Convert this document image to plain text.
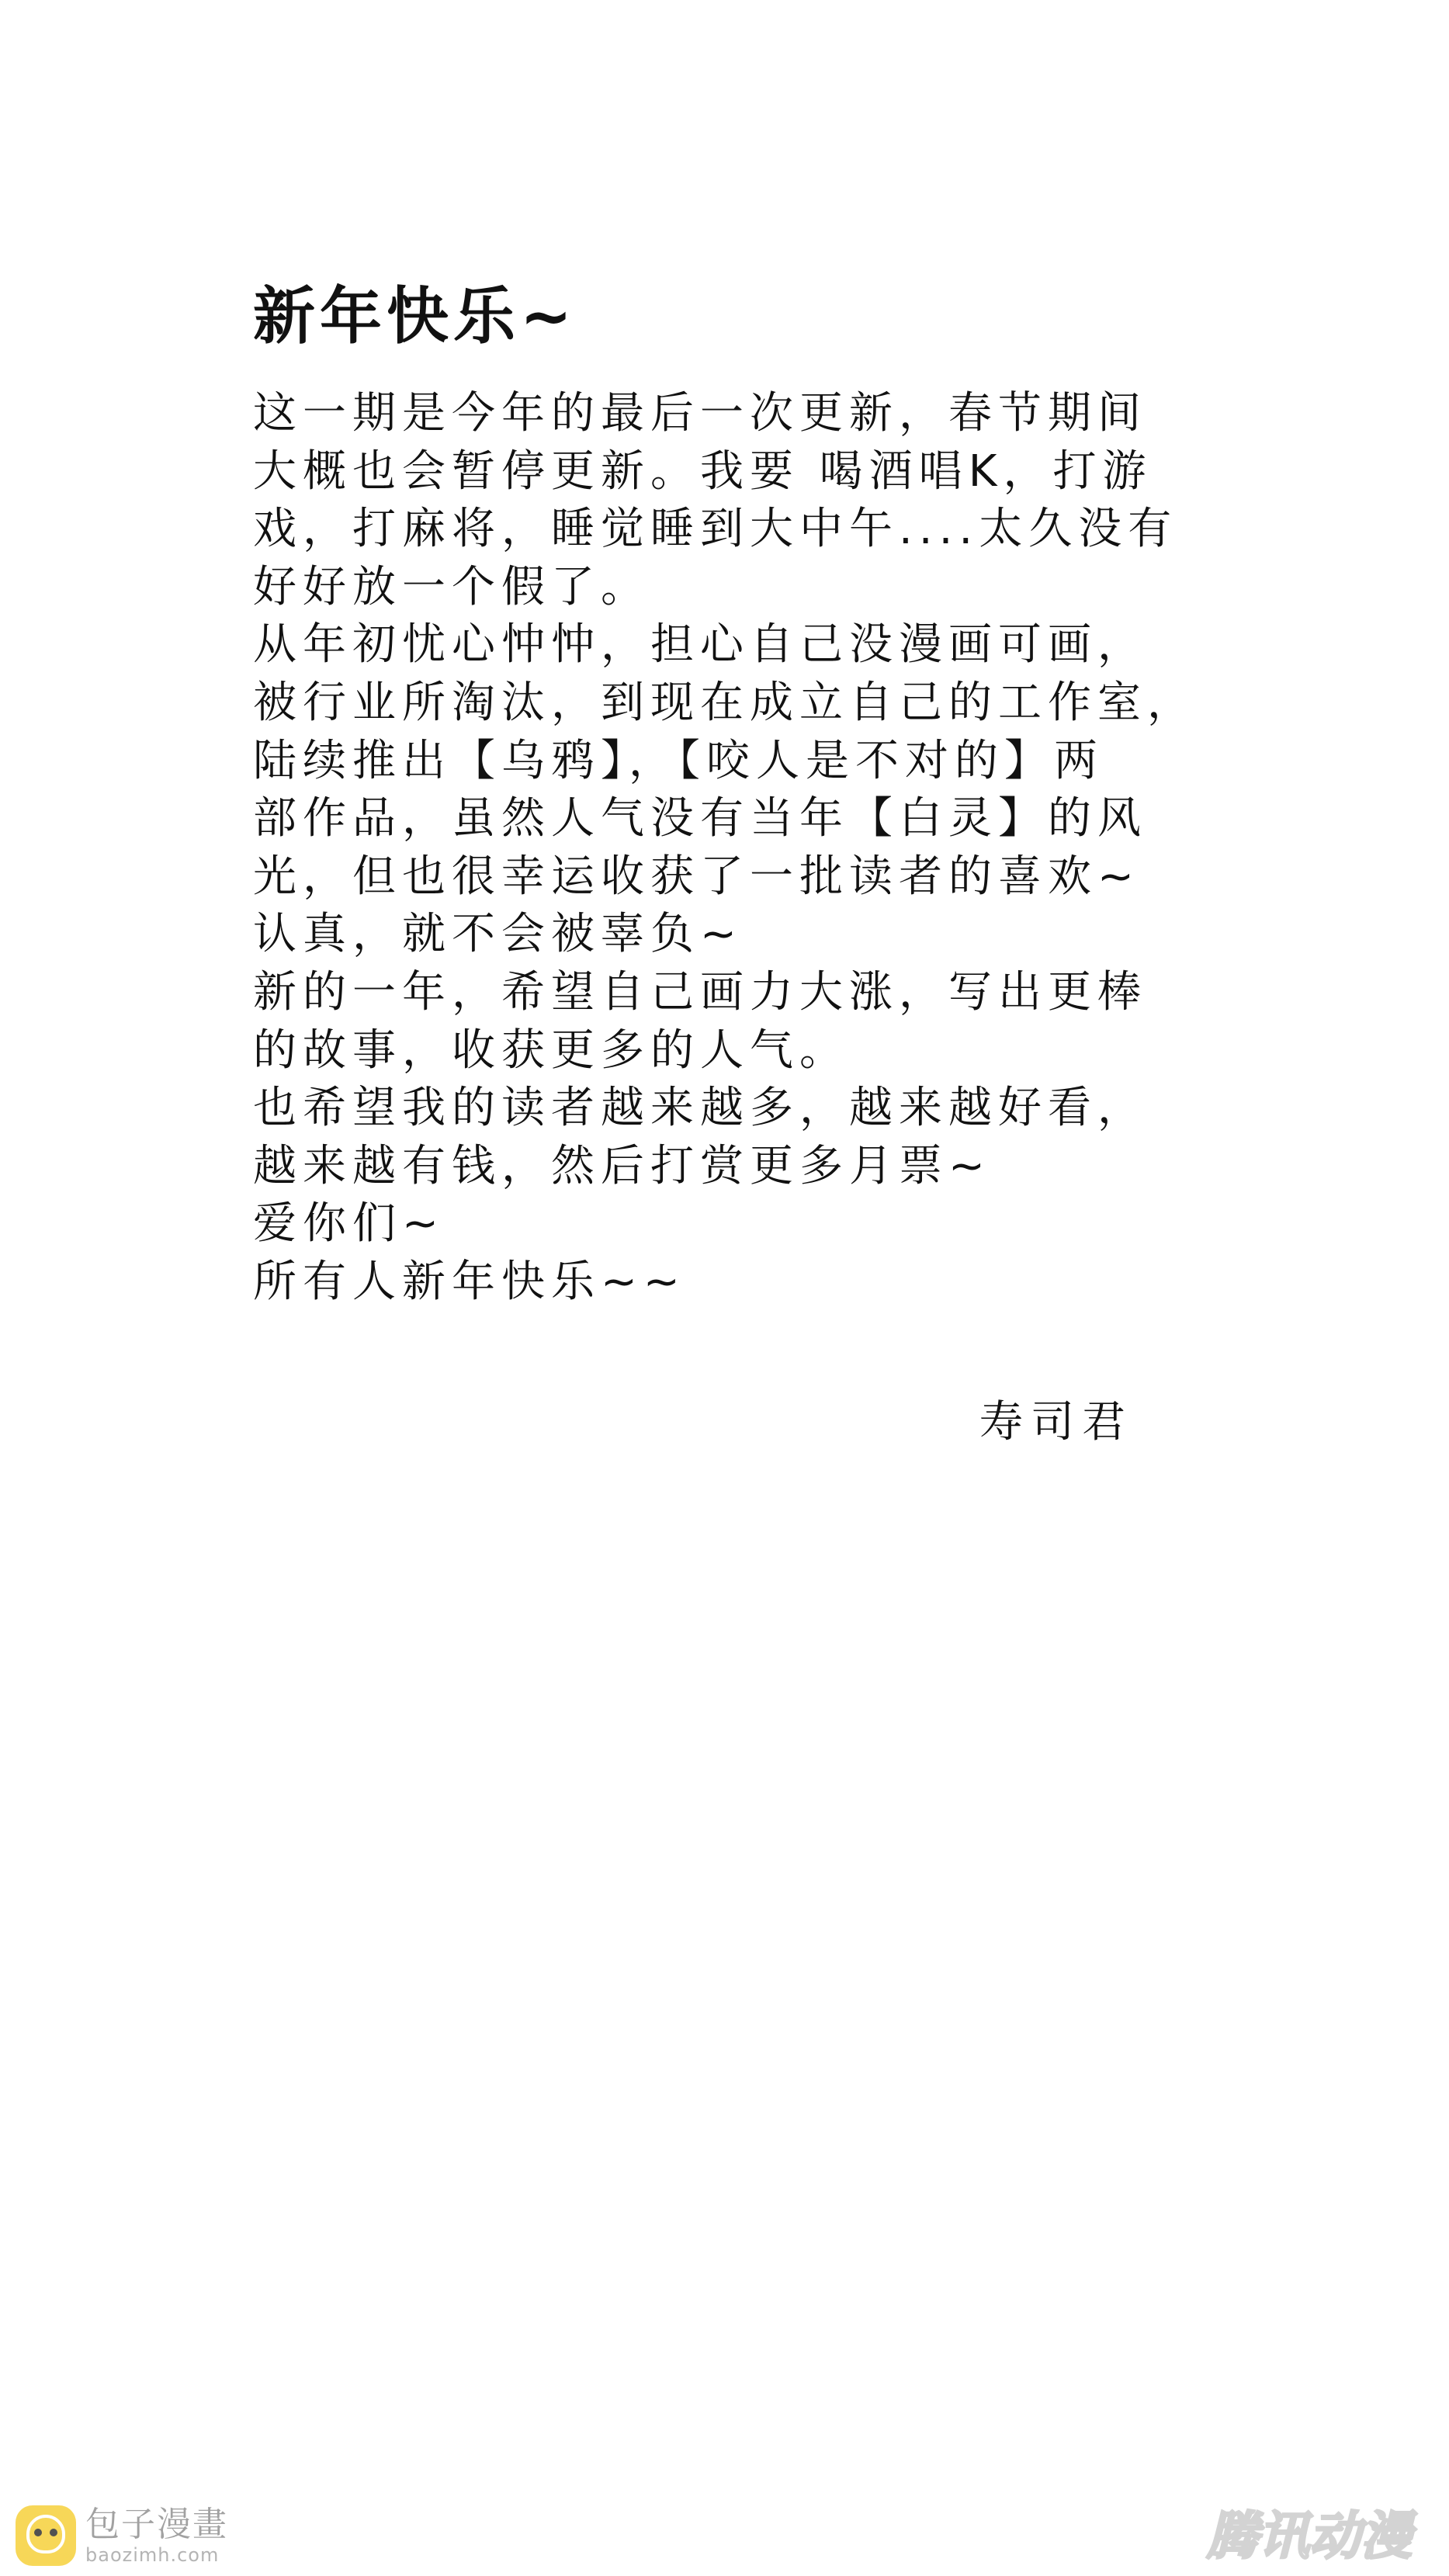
新年快乐~

这一期是今年的最后一次更新，春节期间

大概也会暂停更新。我要 喝酒唱K，打游

戏，打麻将，睡觉睡到大中午....太久没有

好好放一个假了。

从年初忧心忡忡，担心自己没漫画可画，

被行业所淘汰，到现在成立自己的工作室，

陆续推出【乌鸦】，【咬人是不对的】两

部作品，虽然人气没有当年【白灵】的风

光，但也很幸运收获了一批读者的喜欢~

认真，就不会被辜负~

新的一年，希望自己画力大涨，写出更棒

的故事，收获更多的人气。

也希望我的读者越来越多，越来越好看，

越来越有钱，然后打赏更多月票~

爱你们~

所有人新年快乐~~

寿司君
包子漫畫
baozimh.com	腾讯动漫
